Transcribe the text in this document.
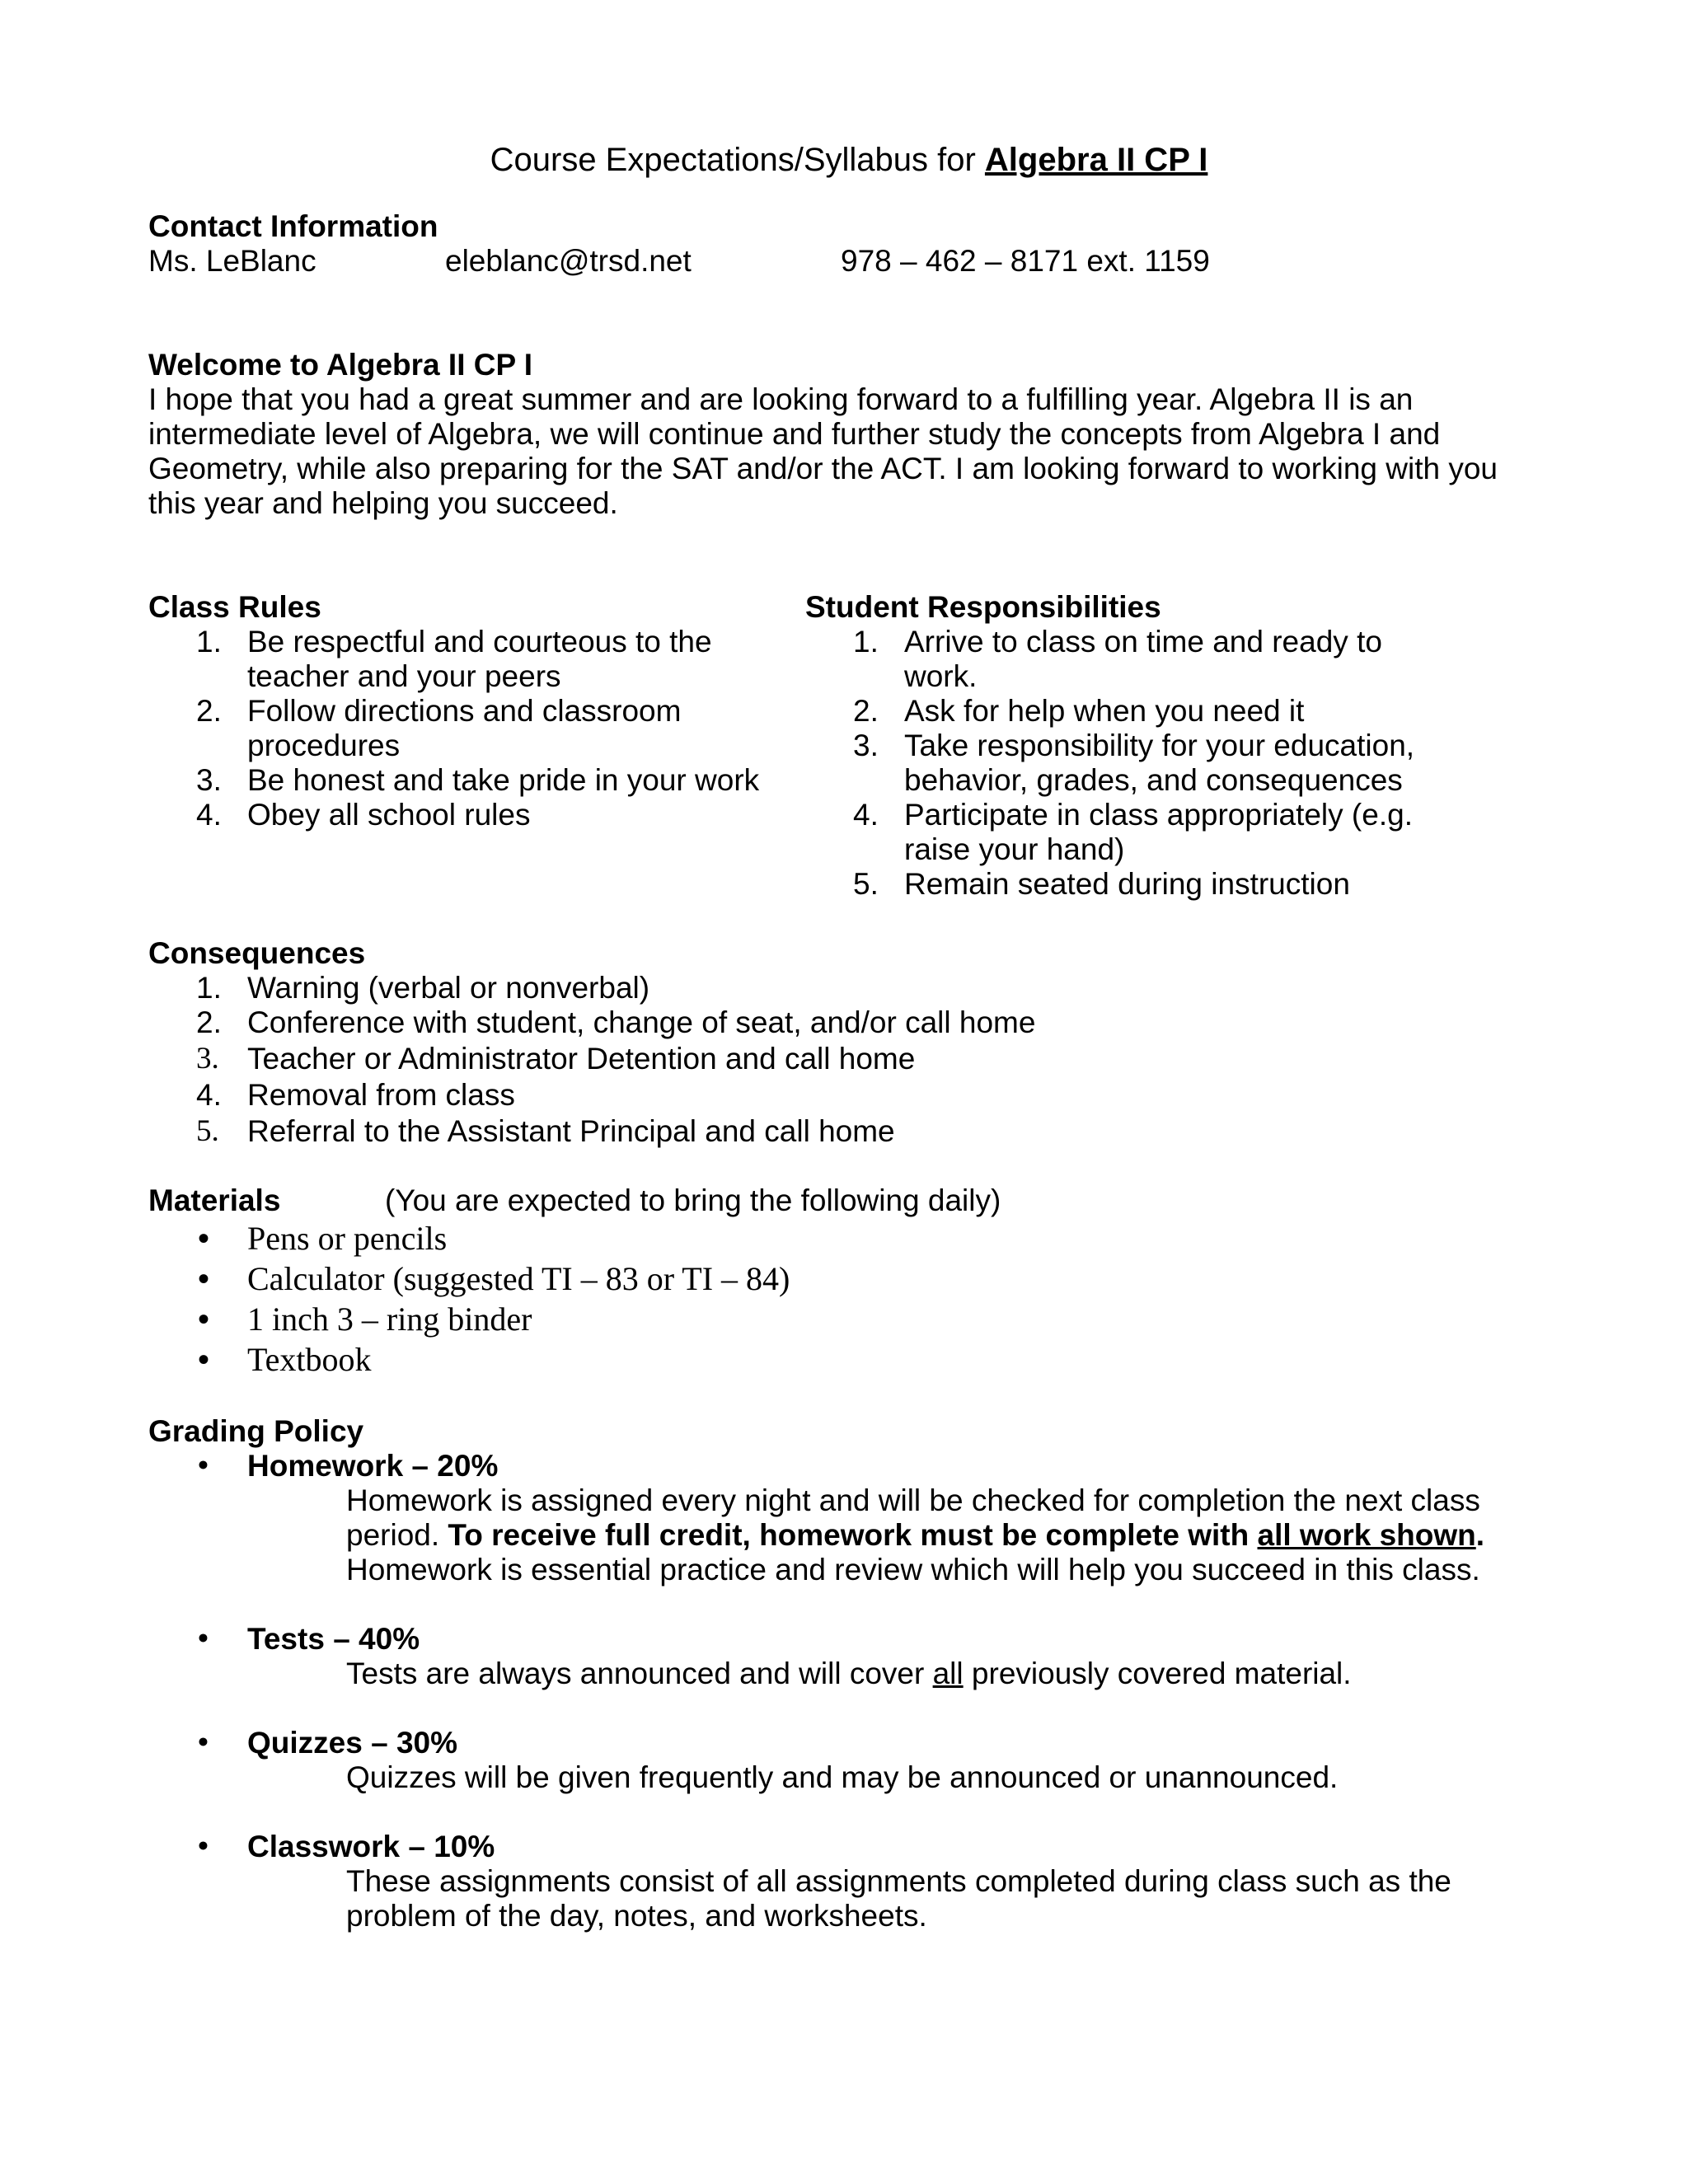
Course Expectations/Syllabus for Algebra II CP I
Contact Information
Ms. LeBlanc	eleblanc@trsd.net	978 – 462 – 8171 ext. 1159
Welcome to Algebra II CP I
I hope that you had a great summer and are looking forward to a fulfilling year. Algebra II is an
intermediate level of Algebra, we will continue and further study the concepts from Algebra I and
Geometry, while also preparing for the SAT and/or the ACT. I am looking forward to working with you
this year and helping you succeed.
Class Rules
1. Be respectful and courteous to the
teacher and your peers
2. Follow directions and classroom
procedures
3. Be honest and take pride in your work
4. Obey all school rules
Student Responsibilities
1. Arrive to class on time and ready to
work.
2. Ask for help when you need it
3. Take responsibility for your education,
behavior, grades, and consequences
4. Participate in class appropriately (e.g.
raise your hand)
5. Remain seated during instruction
Consequences
1. Warning (verbal or nonverbal)
2. Conference with student, change of seat, and/or call home
3. Teacher or Administrator Detention and call home
4. Removal from class
5. Referral to the Assistant Principal and call home
Materials	(You are expected to bring the following daily)
• Pens or pencils
• Calculator (suggested TI – 83 or TI – 84)
• 1 inch 3 – ring binder
• Textbook
Grading Policy
• Homework – 20%
Homework is assigned every night and will be checked for completion the next class
period. To receive full credit, homework must be complete with all work shown.
Homework is essential practice and review which will help you succeed in this class.
• Tests – 40%
Tests are always announced and will cover all previously covered material.
• Quizzes – 30%
Quizzes will be given frequently and may be announced or unannounced.
• Classwork – 10%
These assignments consist of all assignments completed during class such as the
problem of the day, notes, and worksheets.
